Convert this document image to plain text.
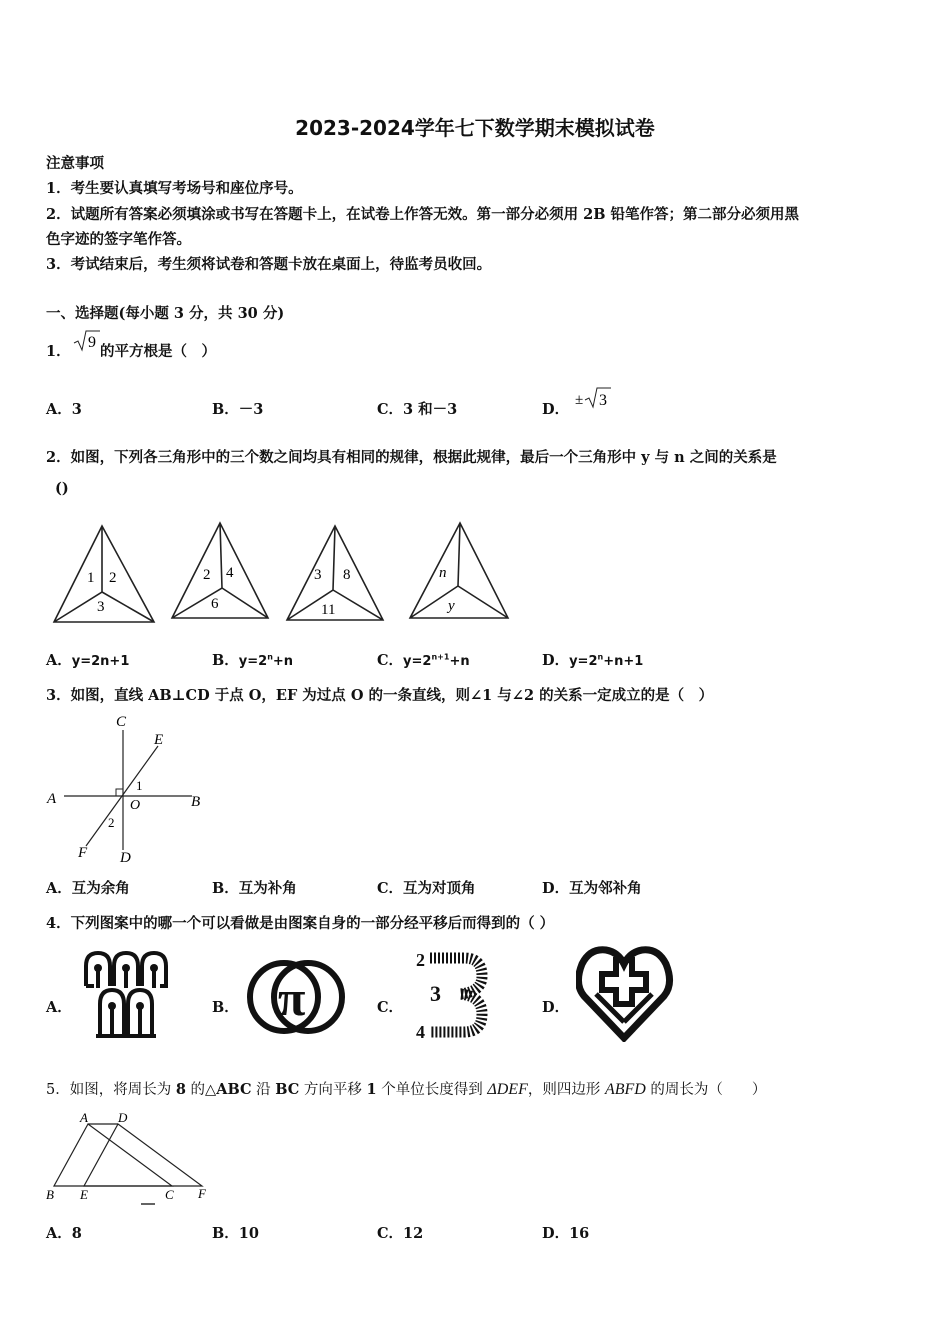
2023-2024学年七下数学期末模拟试卷
注意事项
1．考生要认真填写考场号和座位序号。
2．试题所有答案必须填涂或书写在答题卡上，在试卷上作答无效。第一部分必须用 2B 铅笔作答；第二部分必须用黑
色字迹的签字笔作答。
3．考试结束后，考生须将试卷和答题卡放在桌面上，待监考员收回。
一、选择题(每小题 3 分，共 30 分)
1．
9
的平方根是（　）
A．3	B．－3	C．3 和－3	D．
± 3
2．如图，下列各三角形中的三个数之间均具有相同的规律，根据此规律，最后一个三角形中 y 与 n 之间的关系是
()
1 2
3
2 4
6
3 8
11
n
y
A．y=2n+1	B．$y=2^n+n$	C．$y=2^{n+1}+n$	D．$y=2^n+n+1$
3．如图，直线 AB⊥CD 于点 O，EF 为过点 O 的一条直线，则∠1 与∠2 的关系一定成立的是（　）
C
E
A	B
O
1
2
F D
A．互为余角	B．互为补角	C．互为对顶角	D．互为邻补角
4．下列图案中的哪一个可以看做是由图案自身的一部分经平移后而得到的（ ）
A．	B． π	C．
2
3
4
D．
5．如图，将周长为 8 的△ABC 沿 BC 方向平移 1 个单位长度得到 ΔDEF，则四边形 ABFD 的周长为（　　）
A D
B E	C F
A．8	B．10	C．12	D．16
